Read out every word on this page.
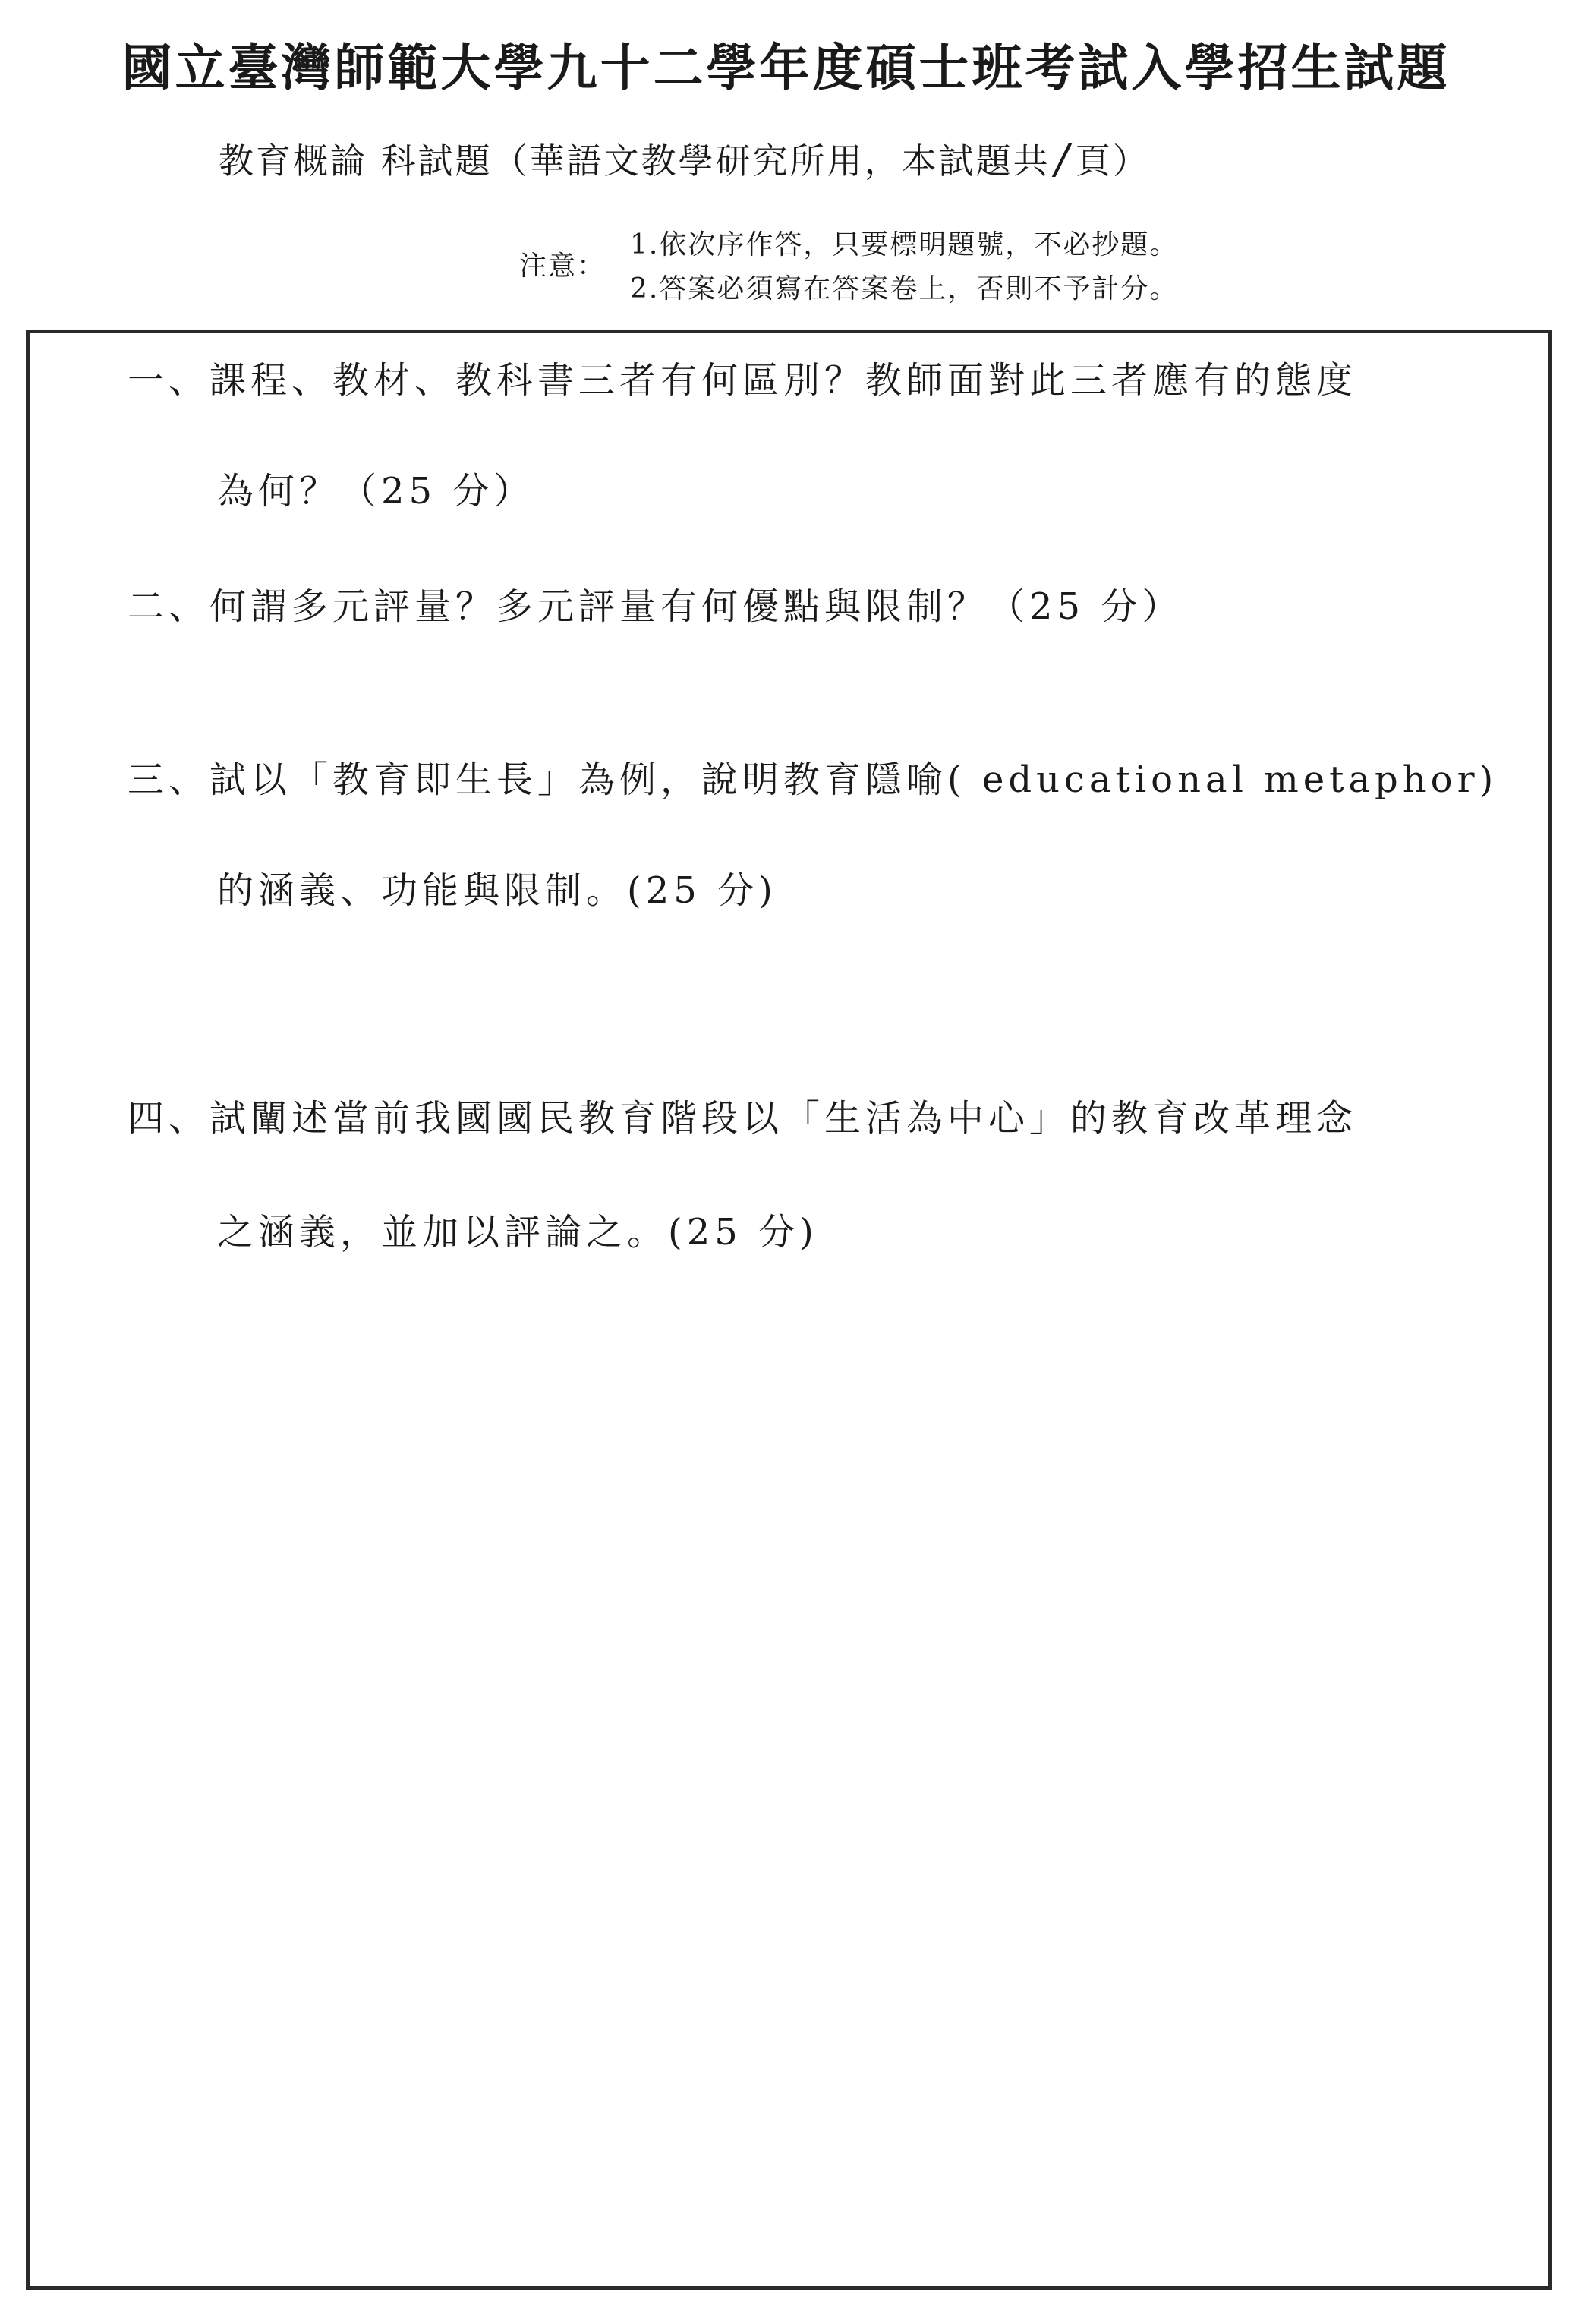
國立臺灣師範大學九十二學年度碩士班考試入學招生試題
教育概論 科試題（華語文教學研究所用，本試題共 / 頁）
注意：
1.依次序作答，只要標明題號，不必抄題。
2.答案必須寫在答案卷上，否則不予計分。
一、課程、教材、教科書三者有何區別？教師面對此三者應有的態度
為何？（25 分）
二、何謂多元評量？多元評量有何優點與限制？（25 分）
三、試以「教育即生長」為例，說明教育隱喻( educational metaphor)
的涵義、功能與限制。(25 分)
四、試闡述當前我國國民教育階段以「生活為中心」的教育改革理念
之涵義，並加以評論之。(25 分)
